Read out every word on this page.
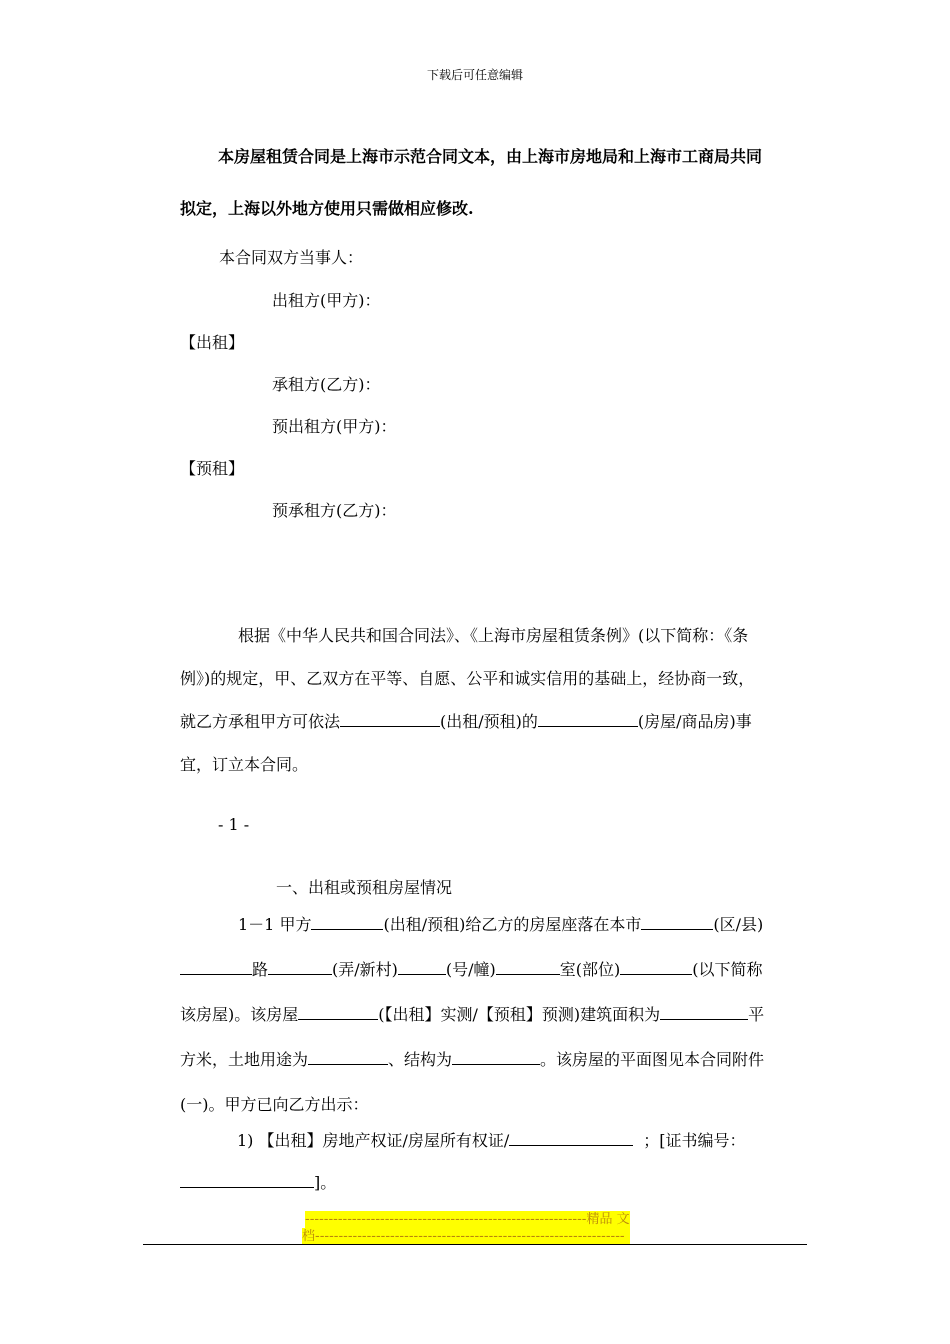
下载后可任意编辑
本房屋租赁合同是上海市示范合同文本，由上海市房地局和上海市工商局共同拟定，上海以外地方使用只需做相应修改.
本合同双方当事人：
出租方(甲方)：
【出租】
承租方(乙方)：
预出租方(甲方)：
【预租】
预承租方(乙方)：
根据《中华人民共和国合同法》、《上海市房屋租赁条例》(以下简称：《条例》)的规定，甲、乙双方在平等、自愿、公平和诚实信用的基础上，经协商一致，就乙方承租甲方可依法	(出租/预租)的	(房屋/商品房)事宜，订立本合同。
- 1 -
一、出租或预租房屋情况
1－1 甲方	(出租/预租)给乙方的房屋座落在本市	(区/县)路	(弄/新村)	(号/幢)	室(部位)	(以下简称该房屋)。该房屋	(【出租】实测/【预租】预测)建筑面积为	平方米，土地用途为	、结构为	。该房屋的平面图见本合同附件(一)。甲方已向乙方出示：
1) 【出租】房地产权证/房屋所有权证/	；[证书编号：
]。
------------------------------------------------------------精品 文
档------------------------------------------------------------------
